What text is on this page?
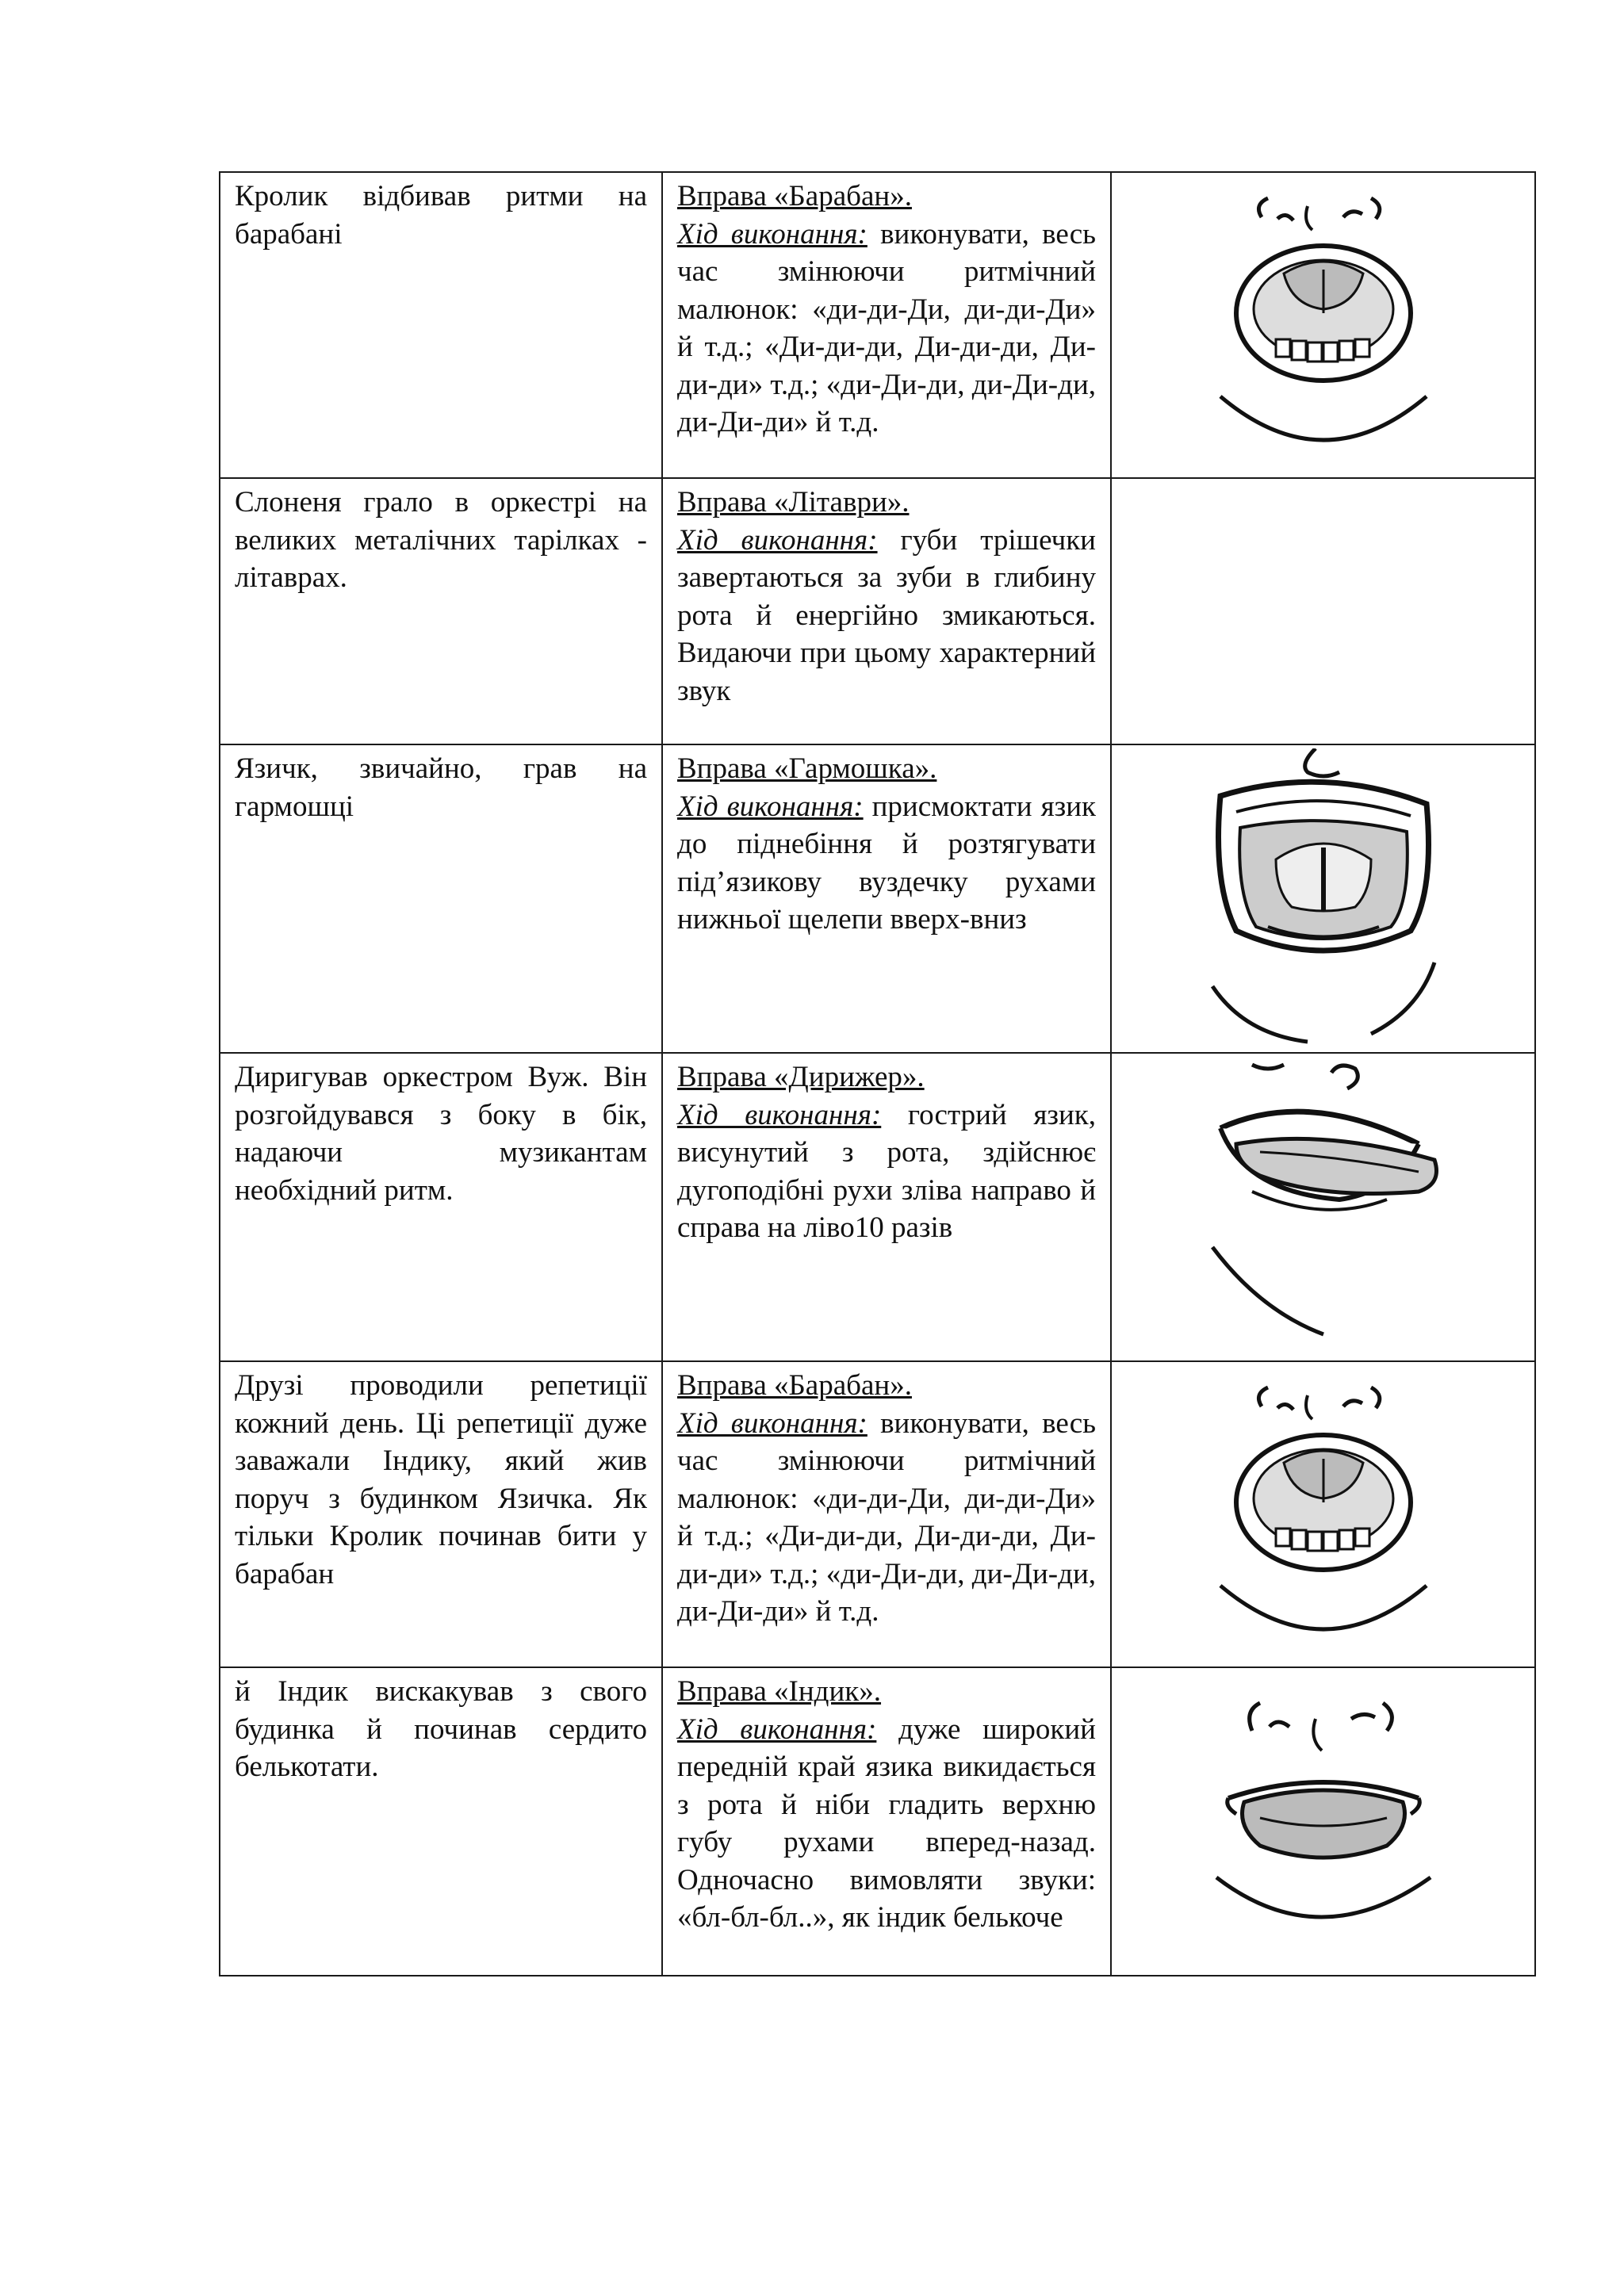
Кролик відбивав ритми на барабані	Вправа «Барабан».
Хід виконання: виконувати, весь час змінюючи ритмічний малюнок: «ди-ди-Ди, ди-ди-Ди» й т.д.; «Ди-ди-ди, Ди-ди-ди, Ди-ди-ди» т.д.; «ди-Ди-ди, ди-Ди-ди, ди-Ди-ди» й т.д.	

Слоненя грало в оркестрі на великих металічних тарілках - літаврах.	Вправа «Літаври».
Хід виконання: губи трішечки завертаються за зуби в глибину рота й енергійно змикаються. Видаючи при цьому характерний звук	
Язичк, звичайно, грав на гармошці	Вправа «Гармошка».
Хід виконання: присмоктати язик до піднебіння й розтягувати під’язикову вуздечку рухами нижньої щелепи вверх-вниз	

Диригував оркестром Вуж. Він розгойдувався з боку в бік, надаючи музикантам необхідний ритм.	Вправа «Дирижер».
Хід виконання: гострий язик, висунутий з рота, здійснює дугоподібні рухи зліва направо й справа на ліво10 разів	

Друзі проводили репетиції кожний день. Ці репетиції дуже заважали Індику, який жив поруч з будинком Язичка. Як тільки Кролик починав бити у барабан	Вправа «Барабан».
Хід виконання: виконувати, весь час змінюючи ритмічний малюнок: «ди-ди-Ди, ди-ди-Ди» й т.д.; «Ди-ди-ди, Ди-ди-ди, Ди-ди-ди» т.д.; «ди-Ди-ди, ди-Ди-ди, ди-Ди-ди» й т.д.	

й Індик вискакував з свого будинка й починав сердито белькотати.	Вправа «Індик».
Хід виконання: дуже широкий передній край язика викидається з рота й ніби гладить верхню губу рухами вперед-назад. Одночасно вимовляти звуки: «бл-бл-бл..», як індик белькоче	
